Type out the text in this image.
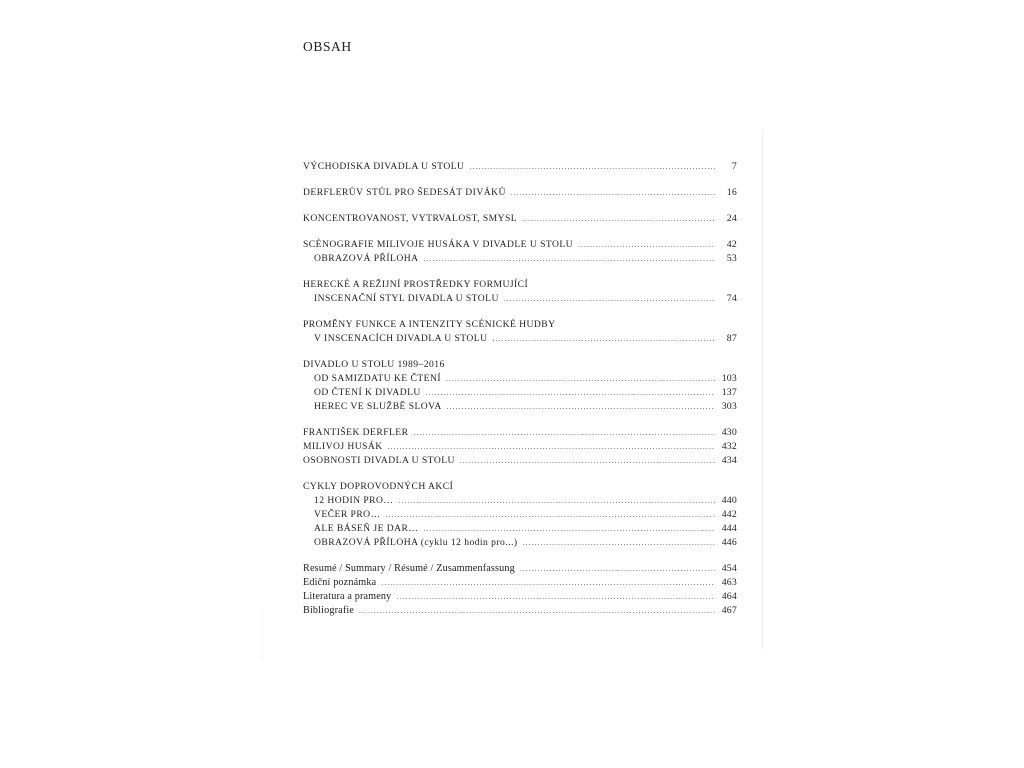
OBSAH
VÝCHODISKA DIVADLA U STOLU .....	7
DERFLERŮV STŮL PRO ŠEDESÁT DIVÁKŮ .....	16
KONCENTROVANOST, VYTRVALOST, SMYSL .....	24
SCÉNOGRAFIE MILIVOJE HUSÁKA V DIVADLE U STOLU .....	42
OBRAZOVÁ PŘÍLOHA .....	53
HERECKÉ A REŽIJNÍ PROSTŘEDKY FORMUJÍCÍ
INSCENAČNÍ STYL DIVADLA U STOLU .....	74
PROMĚNY FUNKCE A INTENZITY SCÉNICKÉ HUDBY
V INSCENACÍCH DIVADLA U STOLU .....	87
DIVADLO U STOLU 1989–2016
OD SAMIZDATU KE ČTENÍ .....	103
OD ČTENÍ K DIVADLU .....	137
HEREC VE SLUŽBĚ SLOVA .....	303
FRANTIŠEK DERFLER .....	430
MILIVOJ HUSÁK .....	432
OSOBNOSTI DIVADLA U STOLU .....	434
CYKLY DOPROVODNÝCH AKCÍ
12 HODIN PRO… .....	440
VEČER PRO… .....	442
ALE BÁSEŇ JE DAR… .....	444
OBRAZOVÁ PŘÍLOHA (cyklu 12 hodin pro...) .....	446
Resumé / Summary / Résumé / Zusammenfassung .....	454
Ediční poznámka .....	463
Literatura a prameny .....	464
Bibliografie .....	467
